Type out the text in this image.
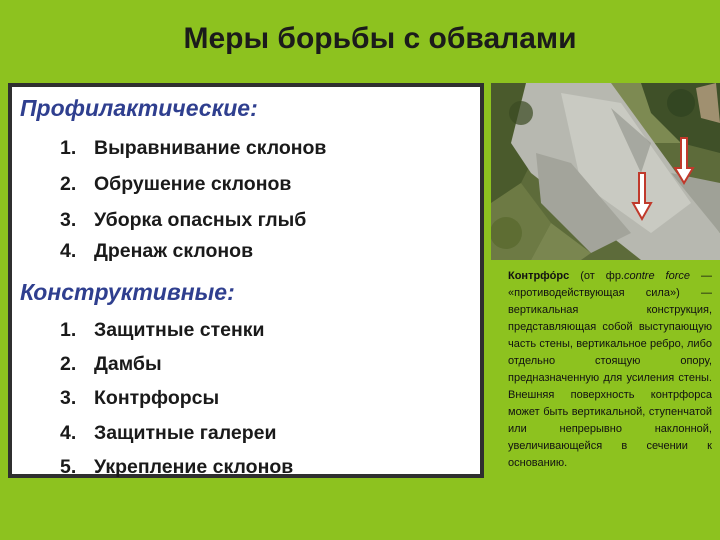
Меры борьбы с обвалами
Профилактические:
1. Выравнивание склонов
2. Обрушение склонов
3. Уборка опасных глыб
4. Дренаж склонов
Конструктивные:
1. Защитные стенки
2. Дамбы
3. Контрфорсы
4. Защитные галереи
5. Укрепление склонов
Контрфо́рс (от фр.contre force — «противодействующая сила») — вертикальная конструкция, представляющая собой выступающую часть стены, вертикальное ребро, либо отдельно стоящую опору, предназначенную для усиления стены. Внешняя поверхность контрфорса может быть вертикальной, ступенчатой или непрерывно наклонной, увеличивающейся в сечении к основанию.
